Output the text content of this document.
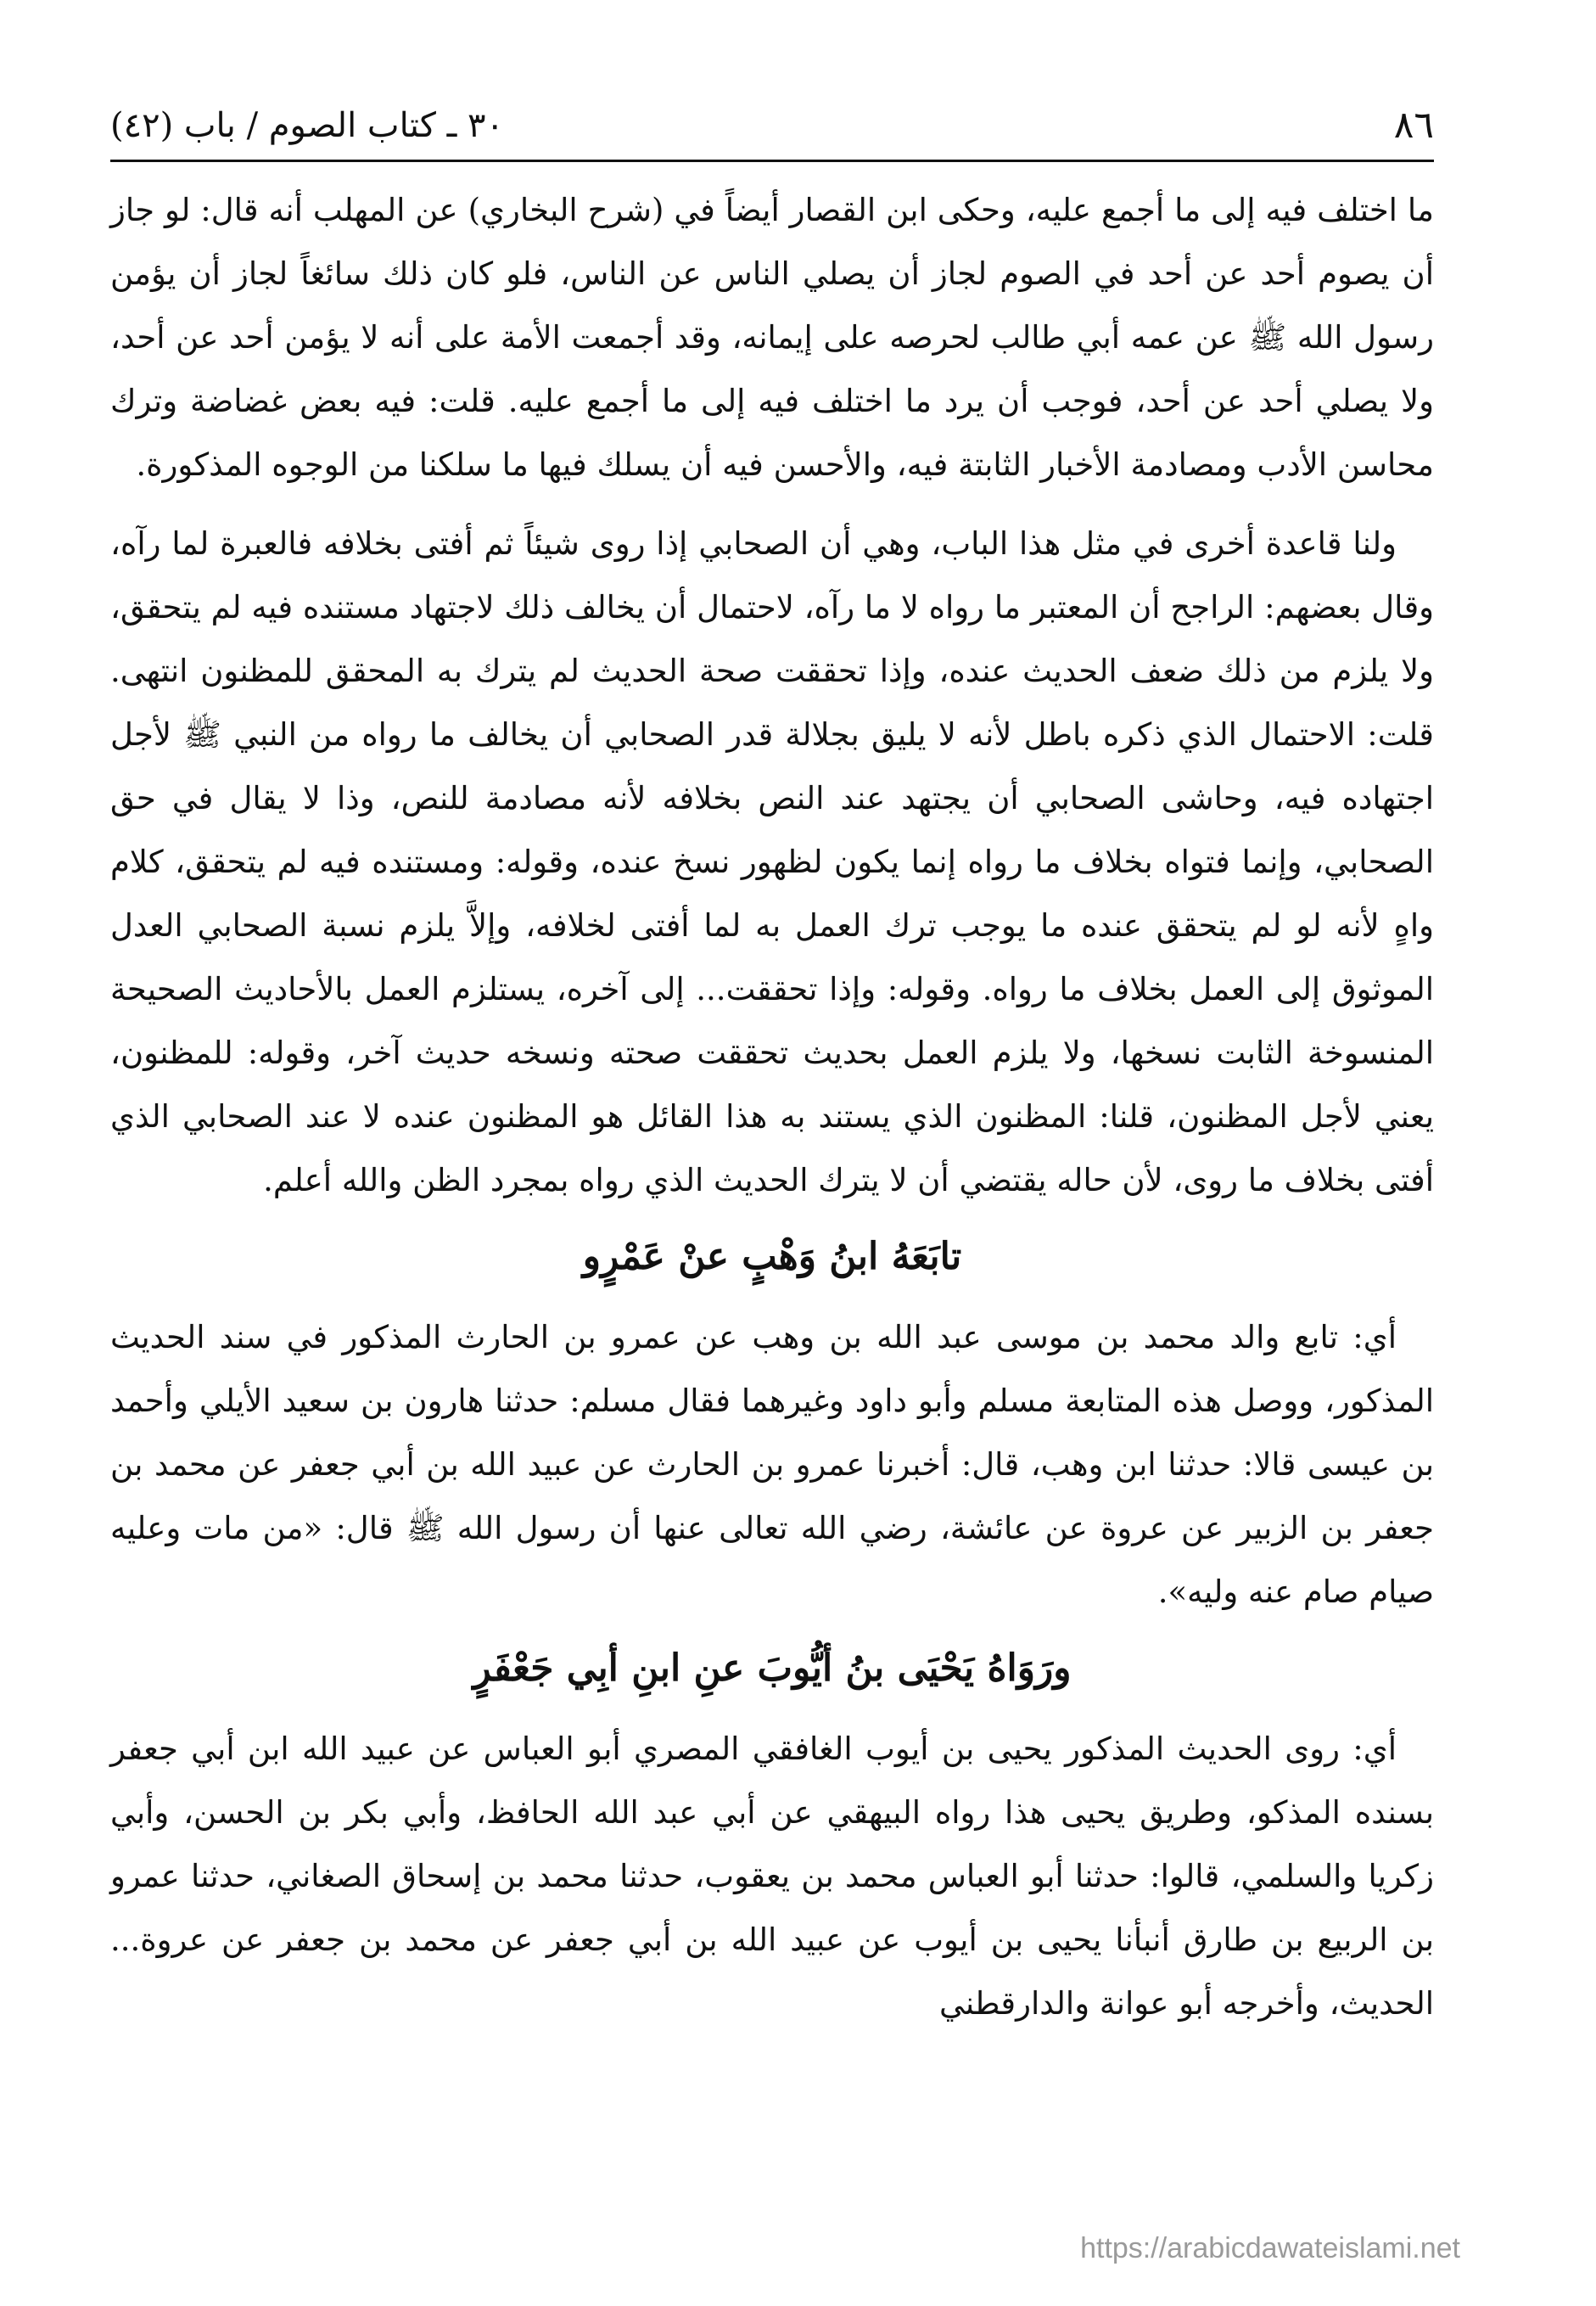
٨٦
٣٠ ـ كتاب الصوم / باب (٤٢)

ما اختلف فيه إلى ما أجمع عليه، وحكى ابن القصار أيضاً في (شرح البخاري) عن المهلب أنه قال: لو جاز أن يصوم أحد عن أحد في الصوم لجاز أن يصلي الناس عن الناس، فلو كان ذلك سائغاً لجاز أن يؤمن رسول الله ﷺ عن عمه أبي طالب لحرصه على إيمانه، وقد أجمعت الأمة على أنه لا يؤمن أحد عن أحد، ولا يصلي أحد عن أحد، فوجب أن يرد ما اختلف فيه إلى ما أجمع عليه. قلت: فيه بعض غضاضة وترك محاسن الأدب ومصادمة الأخبار الثابتة فيه، والأحسن فيه أن يسلك فيها ما سلكنا من الوجوه المذكورة.

ولنا قاعدة أخرى في مثل هذا الباب، وهي أن الصحابي إذا روى شيئاً ثم أفتى بخلافه فالعبرة لما رآه، وقال بعضهم: الراجح أن المعتبر ما رواه لا ما رآه، لاحتمال أن يخالف ذلك لاجتهاد مستنده فيه لم يتحقق، ولا يلزم من ذلك ضعف الحديث عنده، وإذا تحققت صحة الحديث لم يترك به المحقق للمظنون انتهى. قلت: الاحتمال الذي ذكره باطل لأنه لا يليق بجلالة قدر الصحابي أن يخالف ما رواه من النبي ﷺ لأجل اجتهاده فيه، وحاشى الصحابي أن يجتهد عند النص بخلافه لأنه مصادمة للنص، وذا لا يقال في حق الصحابي، وإنما فتواه بخلاف ما رواه إنما يكون لظهور نسخ عنده، وقوله: ومستنده فيه لم يتحقق، كلام واهٍ لأنه لو لم يتحقق عنده ما يوجب ترك العمل به لما أفتى لخلافه، وإلاَّ يلزم نسبة الصحابي العدل الموثوق إلى العمل بخلاف ما رواه. وقوله: وإذا تحققت... إلى آخره، يستلزم العمل بالأحاديث الصحيحة المنسوخة الثابت نسخها، ولا يلزم العمل بحديث تحققت صحته ونسخه حديث آخر، وقوله: للمظنون، يعني لأجل المظنون، قلنا: المظنون الذي يستند به هذا القائل هو المظنون عنده لا عند الصحابي الذي أفتى بخلاف ما روى، لأن حاله يقتضي أن لا يترك الحديث الذي رواه بمجرد الظن والله أعلم.

تابَعَهُ ابنُ وَهْبٍ عنْ عَمْرٍو

أي: تابع والد محمد بن موسى عبد الله بن وهب عن عمرو بن الحارث المذكور في سند الحديث المذكور، ووصل هذه المتابعة مسلم وأبو داود وغيرهما فقال مسلم: حدثنا هارون بن سعيد الأيلي وأحمد بن عيسى قالا: حدثنا ابن وهب، قال: أخبرنا عمرو بن الحارث عن عبيد الله بن أبي جعفر عن محمد بن جعفر بن الزبير عن عروة عن عائشة، رضي الله تعالى عنها أن رسول الله ﷺ قال: «من مات وعليه صيام صام عنه وليه».

ورَوَاهُ يَحْيَى بنُ أيُّوبَ عنِ ابنِ أبِي جَعْفَرٍ

أي: روى الحديث المذكور يحيى بن أيوب الغافقي المصري أبو العباس عن عبيد الله ابن أبي جعفر بسنده المذكو، وطريق يحيى هذا رواه البيهقي عن أبي عبد الله الحافظ، وأبي بكر بن الحسن، وأبي زكريا والسلمي، قالوا: حدثنا أبو العباس محمد بن يعقوب، حدثنا محمد بن إسحاق الصغاني، حدثنا عمرو بن الربيع بن طارق أنبأنا يحيى بن أيوب عن عبيد الله بن أبي جعفر عن محمد بن جعفر عن عروة... الحديث، وأخرجه أبو عوانة والدارقطني

https://arabicdawateislami.net
